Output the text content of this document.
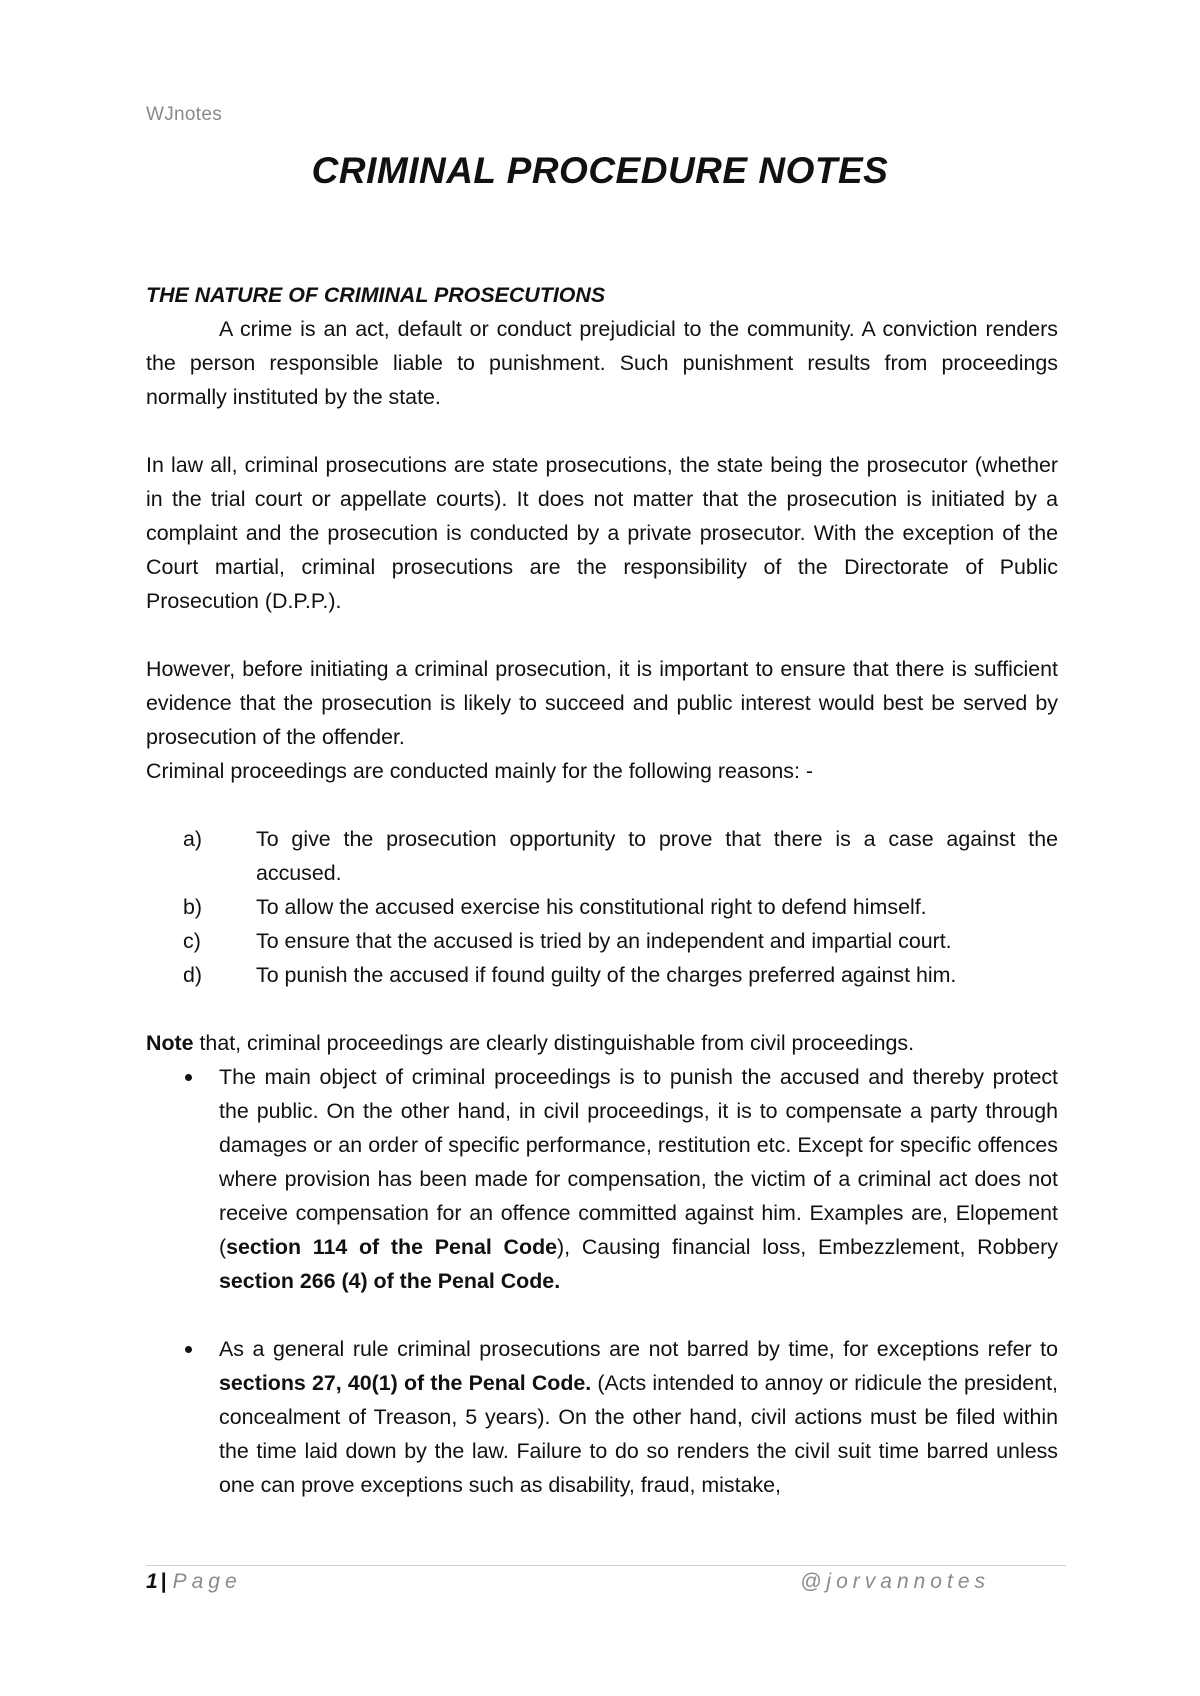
WJnotes
CRIMINAL PROCEDURE NOTES
THE NATURE OF CRIMINAL PROSECUTIONS

A crime is an act, default or conduct prejudicial to the community. A conviction renders the person responsible liable to punishment. Such punishment results from proceedings normally instituted by the state.

In law all, criminal prosecutions are state prosecutions, the state being the prosecutor (whether in the trial court or appellate courts). It does not matter that the prosecution is initiated by a complaint and the prosecution is conducted by a private prosecutor. With the exception of the Court martial, criminal prosecutions are the responsibility of the Directorate of Public Prosecution (D.P.P.).

However, before initiating a criminal prosecution, it is important to ensure that there is sufficient evidence that the prosecution is likely to succeed and public interest would best be served by prosecution of the offender.

Criminal proceedings are conducted mainly for the following reasons: -

a)	To give the prosecution opportunity to prove that there is a case against the accused.
b)	To allow the accused exercise his constitutional right to defend himself.
c)	To ensure that the accused is tried by an independent and impartial court.
d)	To punish the accused if found guilty of the charges preferred against him.

Note that, criminal proceedings are clearly distinguishable from civil proceedings.

The main object of criminal proceedings is to punish the accused and thereby protect the public. On the other hand, in civil proceedings, it is to compensate a party through damages or an order of specific performance, restitution etc. Except for specific offences where provision has been made for compensation, the victim of a criminal act does not receive compensation for an offence committed against him. Examples are, Elopement (section 114 of the Penal Code), Causing financial loss, Embezzlement, Robbery section 266 (4) of the Penal Code.
As a general rule criminal prosecutions are not barred by time, for exceptions refer to sections 27, 40(1) of the Penal Code. (Acts intended to annoy or ridicule the president, concealment of Treason, 5 years). On the other hand, civil actions must be filed within the time laid down by the law. Failure to do so renders the civil suit time barred unless one can prove exceptions such as disability, fraud, mistake,
1 | Page	@jorvannotes
